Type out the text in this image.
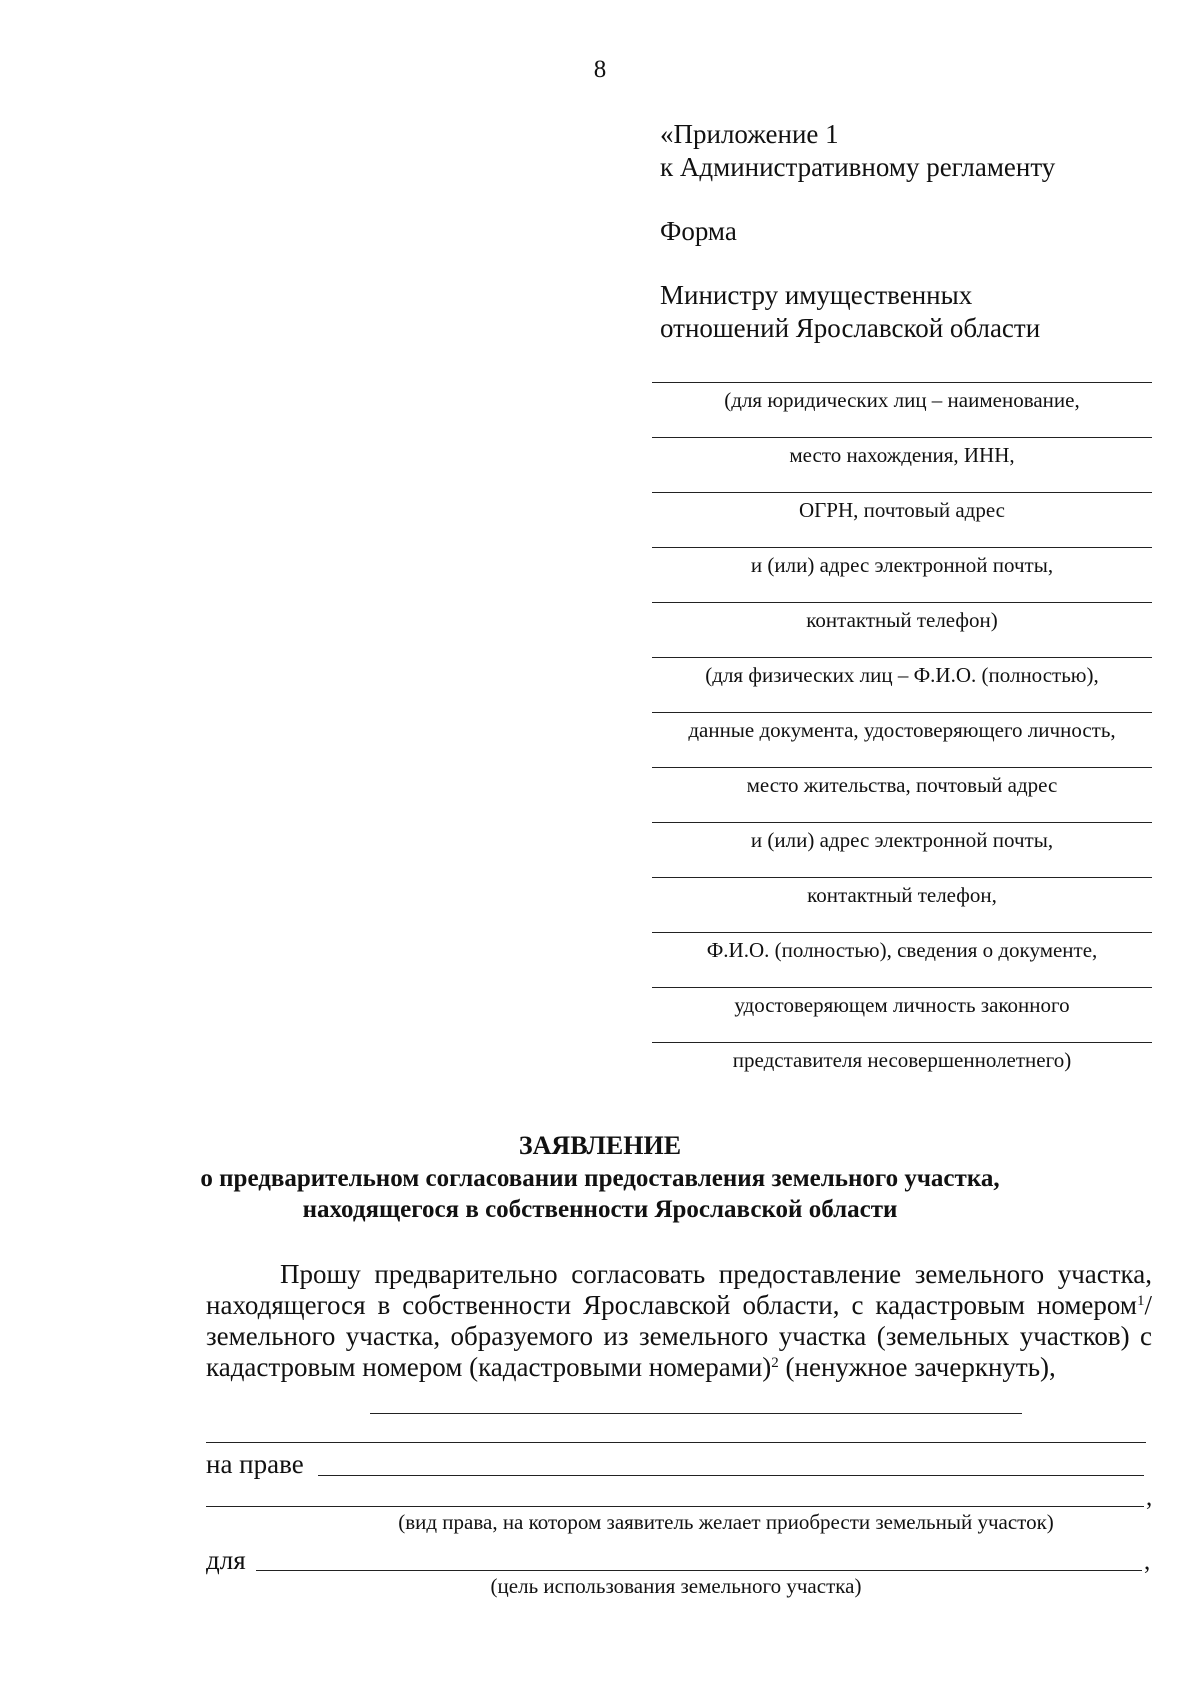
8
«Приложение 1
к Административному регламенту
Форма
Министру имущественных
отношений Ярославской области
(для юридических лиц – наименование,
место нахождения, ИНН,
ОГРН, почтовый адрес
и (или) адрес электронной почты,
контактный телефон)
(для физических лиц – Ф.И.О. (полностью),
данные документа, удостоверяющего личность,
место жительства, почтовый адрес
и (или) адрес электронной почты,
контактный телефон,
Ф.И.О. (полностью), сведения о документе,
удостоверяющем личность законного
представителя несовершеннолетнего)
ЗАЯВЛЕНИЕ
о предварительном согласовании предоставления земельного участка,
находящегося в собственности Ярославской области

Прошу предварительно согласовать предоставление земельного участка, находящегося в собственности Ярославской области, с кадастровым номером$^1$/ земельного участка, образуемого из земельного участка (земельных участков) с кадастровым номером (кадастровыми номерами)$^2$ (ненужное зачеркнуть),

на праве
,
(вид права, на котором заявитель желает приобрести земельный участок)
для	,
(цель использования земельного участка)
